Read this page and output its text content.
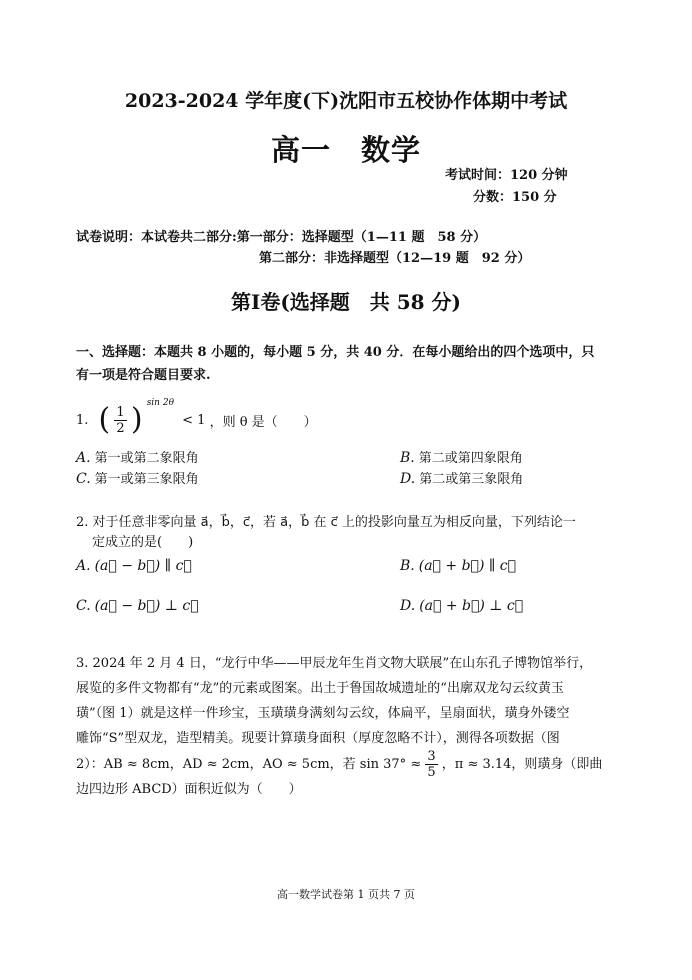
2023-2024 学年度(下)沈阳市五校协作体期中考试
高一　数学
考试时间：120 分钟
分数：150 分
试卷说明：本试卷共二部分:第一部分：选择题型（1—11 题　58 分）
第二部分：非选择题型（12—19 题　92 分）
第Ⅰ卷(选择题　共 58 分)
一、选择题：本题共 8 小题的，每小题 5 分，共 40 分．在每小题给出的四个选项中，只
有一项是符合题目要求.
1. ( $\frac{1}{2}$ ) sin 2θ < 1 ，则 θ 是（　　）
A. 第一或第二象限角	B. 第二或第四象限角
C. 第一或第三象限角	D. 第二或第三象限角
2. 对于任意非零向量 a⃗，b⃗，c⃗，若 a⃗，b⃗ 在 c⃗ 上的投影向量互为相反向量，下列结论一
定成立的是(　　)
A. (a⃗ − b⃗) ∥ c⃗	B. (a⃗ + b⃗) ∥ c⃗
C. (a⃗ − b⃗) ⊥ c⃗	D. (a⃗ + b⃗) ⊥ c⃗
3. 2024 年 2 月 4 日，“龙行中华——甲辰龙年生肖文物大联展”在山东孔子博物馆举行，
展览的多件文物都有“龙”的元素或图案。出土于鲁国故城遗址的“出廓双龙勾云纹黄玉
璜”（图 1）就是这样一件珍宝，玉璜璜身满刻勾云纹，体扁平，呈扇面状，璜身外镂空
雕饰“S”型双龙，造型精美。现要计算璜身面积（厚度忽略不计），测得各项数据（图
2）：AB ≈ 8cm，AD ≈ 2cm，AO ≈ 5cm，若 $\sin 37^\circ \approx \frac{3}{5}$ ，π ≈ 3.14，则璜身（即曲
边四边形 ABCD）面积近似为（　　）
高一数学试卷第 1 页共 7 页
